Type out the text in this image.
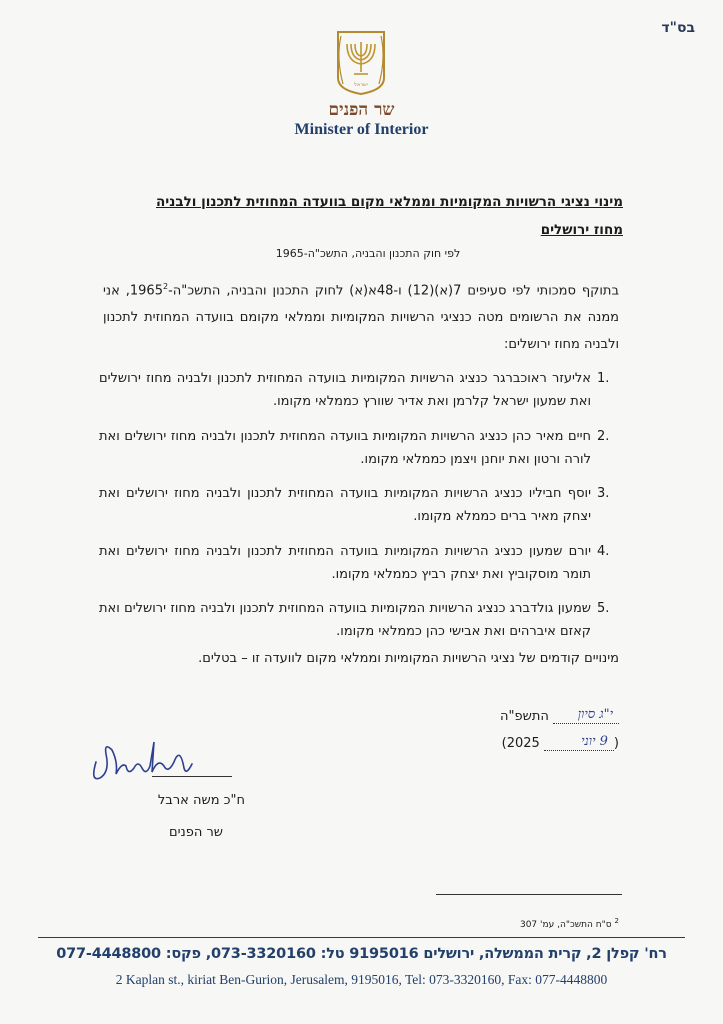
בס"ד
ישראל
שר הפנים
Minister of Interior
מינוי נציגי הרשויות המקומיות וממלאי מקום בוועדה המחוזית לתכנון ולבניה
מחוז ירושלים
לפי חוק התכנון והבניה, התשכ"ה-1965
בתוקף סמכותי לפי סעיפים 7(א)(12) ו-48א(א) לחוק התכנון והבניה, התשכ"ה-1965$^2$, אני ממנה את הרשומים מטה כנציגי הרשויות המקומיות וממלאי מקומם בוועדה המחוזית לתכנון ולבניה מחוז ירושלים:
1.
אליעזר ראוכברגר כנציג הרשויות המקומיות בוועדה המחוזית לתכנון ולבניה מחוז ירושלים ואת שמעון ישראל קלרמן ואת אדיר שוורץ כממלאי מקומו.
2.
חיים מאיר כהן כנציג הרשויות המקומיות בוועדה המחוזית לתכנון ולבניה מחוז ירושלים ואת לורה ורטון ואת יוחנן ויצמן כממלאי מקומו.
3.
יוסף חביליו כנציג הרשויות המקומיות בוועדה המחוזית לתכנון ולבניה מחוז ירושלים ואת יצחק מאיר ברים כממלא מקומו.
4.
יורם שמעון כנציג הרשויות המקומיות בוועדה המחוזית לתכנון ולבניה מחוז ירושלים ואת תומר מוסקוביץ ואת יצחק רביץ כממלאי מקומו.
5.
שמעון גולדברג כנציג הרשויות המקומיות בוועדה המחוזית לתכנון ולבניה מחוז ירושלים ואת קאזם איברהים ואת אבישי כהן כממלאי מקומו.
מינויים קודמים של נציגי הרשויות המקומיות וממלאי מקום לוועדה זו – בטלים.
י"ג סיון
התשפ"ה
(
9 יוני
2025)
ח"כ משה ארבל
שר הפנים
$^2$ ס"ח התשכ"ה, עמ' 307
רח' קפלן 2, קרית הממשלה, ירושלים 9195016 טל: 073-3320160, פקס: 077-4448800
2 Kaplan st., kiriat Ben-Gurion, Jerusalem, 9195016, Tel: 073-3320160, Fax: 077-4448800
